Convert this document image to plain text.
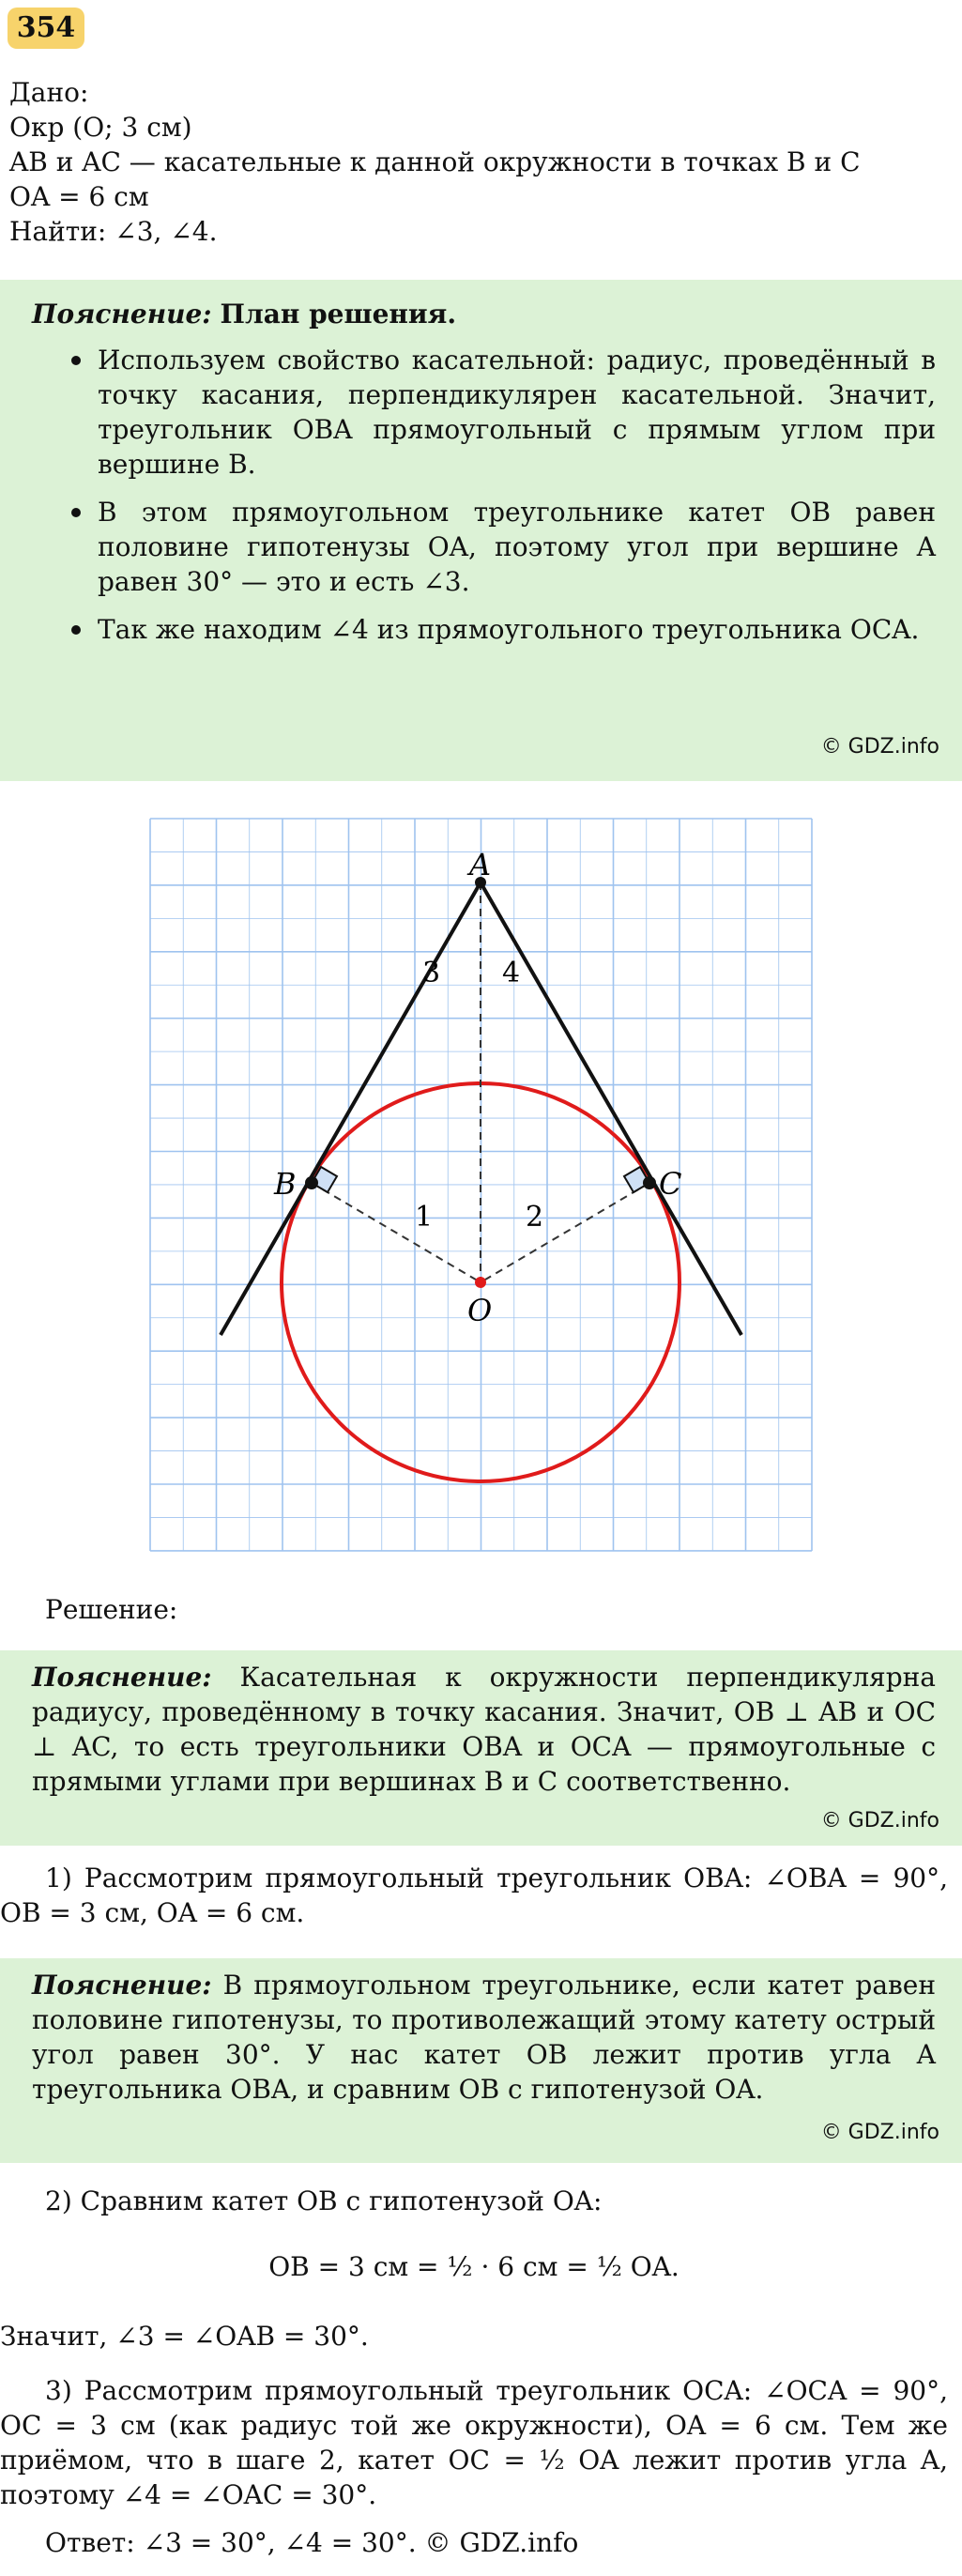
354
Дано:
Окр (O; 3 см)
AB и AC — касательные к данной окружности в точках B и C
OA = 6 см
Найти: ∠3, ∠4.
Пояснение: План решения.
Используем свойство касательной: радиус, проведённый в точку касания, перпендикулярен касательной. Значит, треугольник OBA прямоугольный с прямым углом при вершине B.
В этом прямоугольном треугольнике катет OB равен половине гипотенузы OA, поэтому угол при вершине A равен 30° — это и есть ∠3.
Так же находим ∠4 из прямоугольного треугольника OCA.
© GDZ.info
A
B	C
O
3 4
1	2
Решение:
Пояснение: Касательная к окружности перпендикулярна радиусу, проведённому в точку касания. Значит, OB ⊥ AB и OC ⊥ AC, то есть треугольники OBA и OCA — прямоугольные с прямыми углами при вершинах B и C соответственно.
© GDZ.info
1) Рассмотрим прямоугольный треугольник OBA: ∠OBA = 90°, OB = 3 см, OA = 6 см.
Пояснение: В прямоугольном треугольнике, если катет равен половине гипотенузы, то противолежащий этому катету острый угол равен 30°. У нас катет OB лежит против угла A треугольника OBA, и сравним OB с гипотенузой OA.
© GDZ.info
2) Сравним катет OB с гипотенузой OA:
OB = 3 см = ½ · 6 см = ½ OA.
Значит, ∠3 = ∠OAB = 30°.
3) Рассмотрим прямоугольный треугольник OCA: ∠OCA = 90°, OC = 3 см (как радиус той же окружности), OA = 6 см. Тем же приёмом, что в шаге 2, катет OC = ½ OA лежит против угла A, поэтому ∠4 = ∠OAC = 30°.
Ответ: ∠3 = 30°, ∠4 = 30°. © GDZ.info
